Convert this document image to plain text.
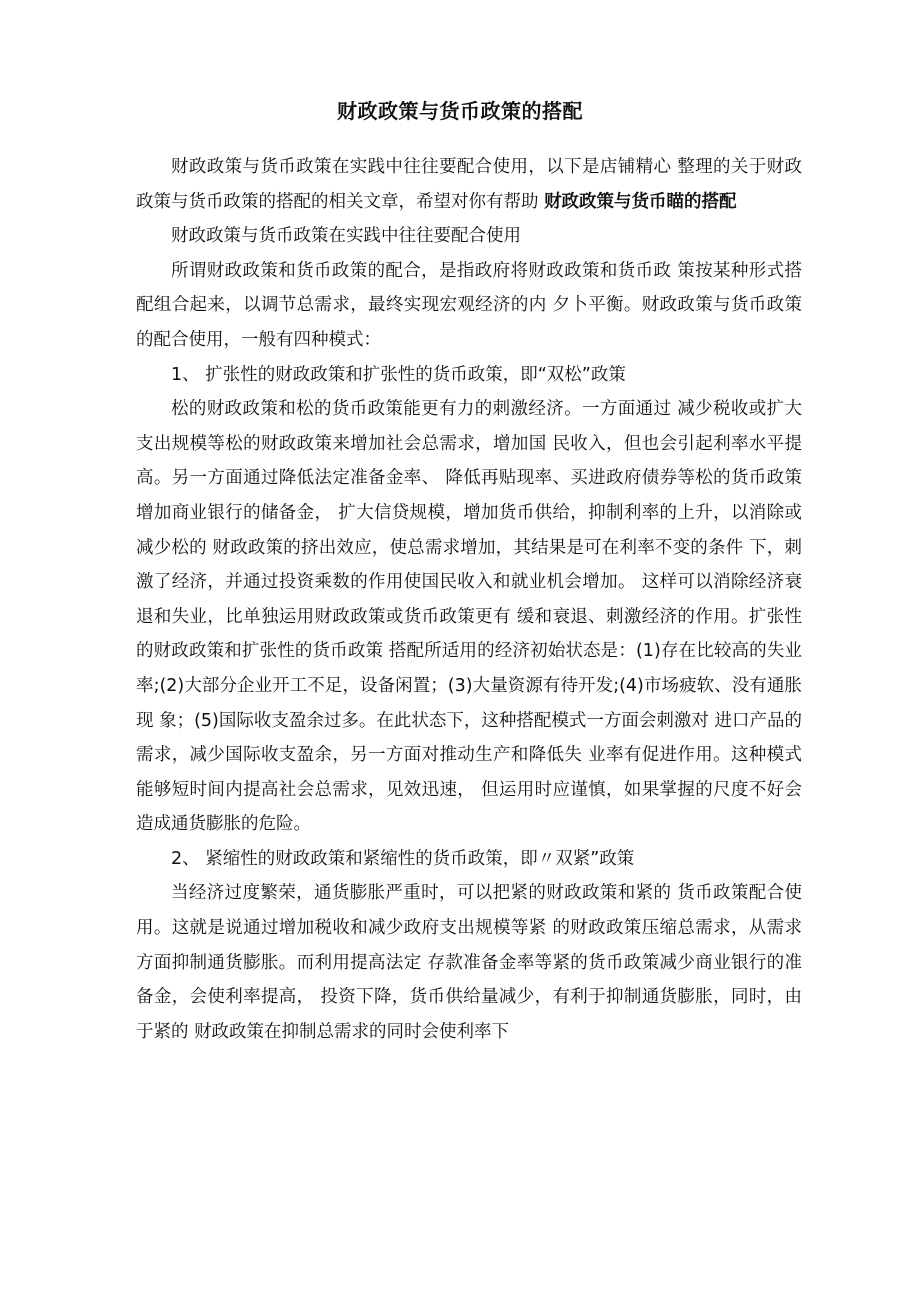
财政政策与货币政策的搭配

财政政策与货币政策在实践中往往要配合使用，以下是店铺精心 整理的关于财政政策与货币政策的搭配的相关文章，希望对你有帮助 财政政策与货币瞄的搭配

财政政策与货币政策在实践中往往要配合使用

所谓财政政策和货币政策的配合，是指政府将财政政策和货币政 策按某种形式搭配组合起来，以调节总需求，最终实现宏观经济的内 夕卜平衡。财政政策与货币政策的配合使用，一般有四种模式：

1、 扩张性的财政政策和扩张性的货币政策，即“双松”政策

松的财政政策和松的货币政策能更有力的刺激经济。一方面通过 减少税收或扩大支出规模等松的财政政策来增加社会总需求，增加国 民收入，但也会引起利率水平提高。另一方面通过降低法定准备金率、 降低再贴现率、买进政府债券等松的货币政策增加商业银行的储备金， 扩大信贷规模，增加货币供给，抑制利率的上升，以消除或减少松的 财政政策的挤出效应，使总需求增加，其结果是可在利率不变的条件 下，刺激了经济，并通过投资乘数的作用使国民收入和就业机会增加。 这样可以消除经济衰退和失业，比单独运用财政政策或货币政策更有 缓和衰退、刺激经济的作用。扩张性的财政政策和扩张性的货币政策 搭配所适用的经济初始状态是：(1)存在比较高的失业率;(2)大部分企业开工不足，设备闲置；(3)大量资源有待开发;(4)市场疲软、没有通胀现 象；(5)国际收支盈余过多。在此状态下，这种搭配模式一方面会刺激对 进口产品的需求，减少国际收支盈余，另一方面对推动生产和降低失 业率有促进作用。这种模式能够短时间内提高社会总需求，见效迅速， 但运用时应谨慎，如果掌握的尺度不好会造成通货膨胀的危险。

2、 紧缩性的财政政策和紧缩性的货币政策，即〃双紧”政策

当经济过度繁荣，通货膨胀严重时，可以把紧的财政政策和紧的 货币政策配合使用。这就是说通过增加税收和减少政府支出规模等紧 的财政政策压缩总需求，从需求方面抑制通货膨胀。而利用提高法定 存款准备金率等紧的货币政策减少商业银行的准备金，会使利率提高， 投资下降，货币供给量减少，有利于抑制通货膨胀，同时，由于紧的 财政政策在抑制总需求的同时会使利率下
